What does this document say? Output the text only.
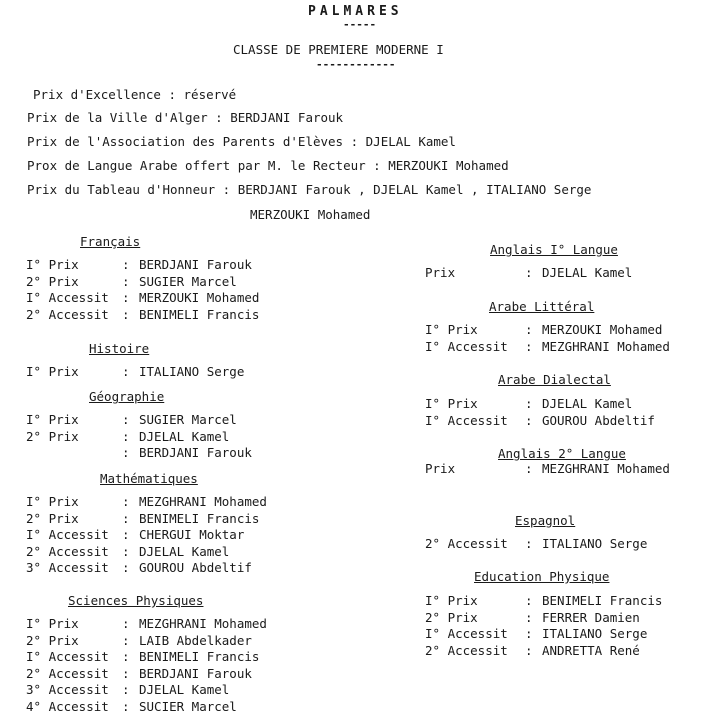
PALMARES
-----
CLASSE DE PREMIERE MODERNE I
------------
Prix d'Excellence : réservé
Prix de la Ville d'Alger : BERDJANI Farouk
Prix de l'Association des Parents d'Elèves : DJELAL Kamel
Prox de Langue Arabe offert par M. le Recteur : MERZOUKI Mohamed
Prix du Tableau d'Honneur : BERDJANI Farouk , DJELAL Kamel , ITALIANO Serge
MERZOUKI Mohamed
Français
I° Prix	: BERDJANI Farouk
2° Prix	: SUGIER Marcel
I° Accessit : MERZOUKI Mohamed
2° Accessit : BENIMELI Francis
Histoire
I° Prix	: ITALIANO Serge
Géographie
I° Prix	: SUGIER Marcel
2° Prix	: DJELAL Kamel
: BERDJANI Farouk
Mathématiques
I° Prix	: MEZGHRANI Mohamed
2° Prix	: BENIMELI Francis
I° Accessit : CHERGUI Moktar
2° Accessit : DJELAL Kamel
3° Accessit : GOUROU Abdeltif
Sciences Physiques
I° Prix	: MEZGHRANI Mohamed
2° Prix	: LAIB Abdelkader
I° Accessit : BENIMELI Francis
2° Accessit : BERDJANI Farouk
3° Accessit : DJELAL Kamel
4° Accessit : SUCIER Marcel
Anglais I° Langue
Prix	: DJELAL Kamel
Arabe Littéral
I° Prix	: MERZOUKI Mohamed
I° Accessit : MEZGHRANI Mohamed
Arabe Dialectal
I° Prix	: DJELAL Kamel
I° Accessit : GOUROU Abdeltif
Anglais 2° Langue
Prix	: MEZGHRANI Mohamed
Espagnol
2° Accessit : ITALIANO Serge
Education Physique
I° Prix	: BENIMELI Francis
2° Prix	: FERRER Damien
I° Accessit : ITALIANO Serge
2° Accessit : ANDRETTA René
